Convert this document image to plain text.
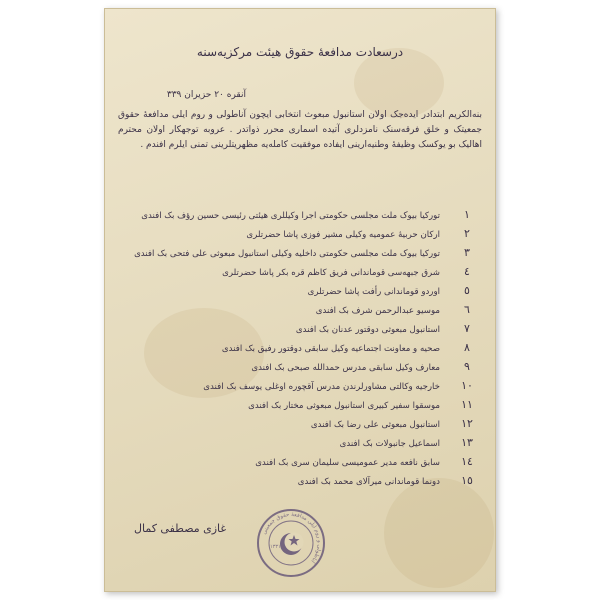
درسعادت مدافعهٔ حقوق هیئت مرکزیه‌سنه
آنقره ۲۰ حزیران ۳۳۹
بنه‌الکریم ابتدادر ایده‌جک اولان استانبول مبعوث انتخابی ایچون آناطولی و روم ایلی مدافعهٔ حقوق جمعیتک و خلق فرقه‌سنک نامزدلری آتیده اسماری محرر ذواتدر . عروبه توجهکار اولان محترم اهالیک بو یوکسک وظیفهٔ وطنیه‌ارینی ایفاده موفقیت کامله‌یه مظهریتلرینی تمنی ایلرم افندم .
١تورکیا بیوک ملت مجلسی حکومتی اجرا وکیللری هیئتی رئیسی حسین رؤف بک افندی
٢ارکان حربیهٔ عمومیه وکیلی مشیر فوزی پاشا حضرتلری
٣تورکیا بیوک ملت مجلسی حکومتی داخلیه وکیلی استانبول مبعوثی علی فتحی بک افندی
٤شرق جبهه‌سی قوماندانی فریق کاظم قره بکر پاشا حضرتلری
٥اوردو قوماندانی رأفت پاشا حضرتلری
٦موسیو عبدالرحمن شرف بک افندی
٧استانبول مبعوثی دوقتور عدنان بک افندی
٨صحیه و معاونت اجتماعیه وکیل سابقی دوقتور رفیق بک افندی
٩معارف وکیل سابقی مدرس حمدالله صبحی بک افندی
١٠خارجیه وکالتی مشاورلرندن مدرس آقچوره اوغلی یوسف بک افندی
١١موسقوا سفیر کبیری استانبول مبعوثی مختار بک افندی
١٢استانبول مبعوثی علی رضا بک افندی
١٣اسماعیل جانبولات بک افندی
١٤سابق نافعه مدیر عمومیسی سلیمان سری بک افندی
١٥دونما قوماندانی میرآلای محمد بک افندی
غازی مصطفی کمال	آناطولی و روم ایلی مدافعهٔ حقوق جمعیتی
١٣٣١
